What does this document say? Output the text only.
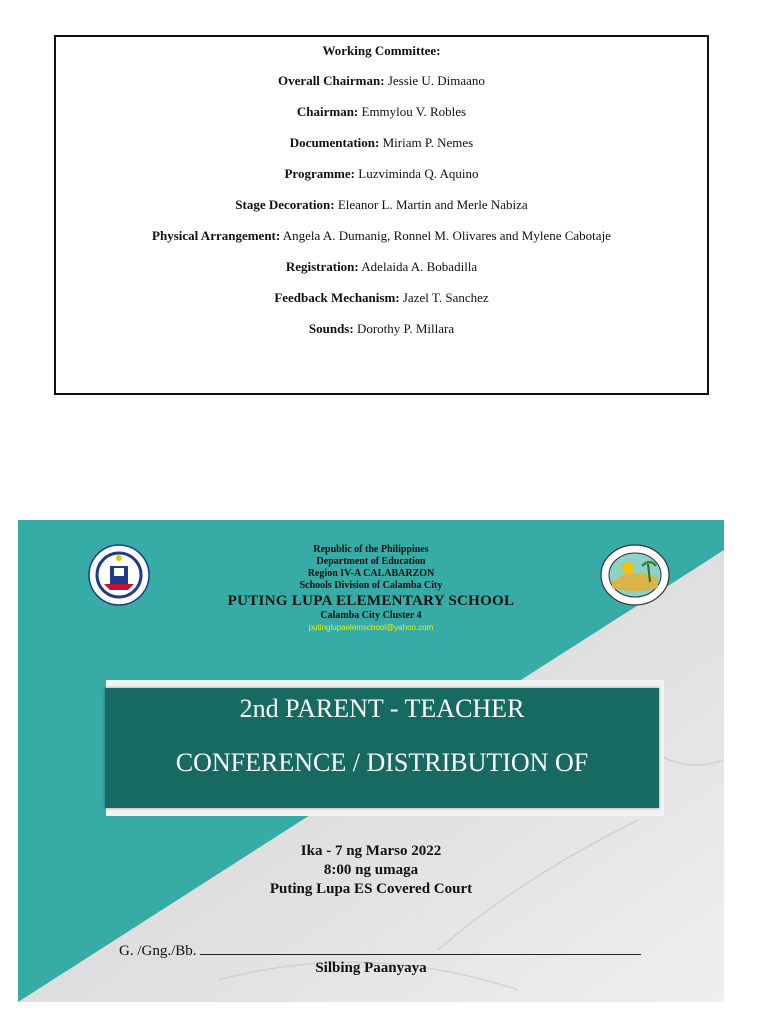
Working Committee:
Overall Chairman: Jessie U. Dimaano
Chairman: Emmylou V. Robles
Documentation: Miriam P. Nemes
Programme: Luzviminda Q. Aquino
Stage Decoration: Eleanor L. Martin and Merle Nabiza
Physical Arrangement: Angela A. Dumanig, Ronnel M. Olivares and Mylene Cabotaje
Registration: Adelaida A. Bobadilla
Feedback Mechanism: Jazel T. Sanchez
Sounds: Dorothy P. Millara
Republic of the Philippines
Department of Education
Region IV-A CALABARZON
Schools Division of Calamba City
PUTING LUPA ELEMENTARY SCHOOL
Calamba City Cluster 4
putinglupaelemschool@yahoo.com
2nd PARENT - TEACHER
CONFERENCE / DISTRIBUTION OF
Ika - 7 ng Marso 2022
8:00 ng umaga
Puting Lupa ES Covered Court
G. /Gng./Bb.
Silbing Paanyaya
